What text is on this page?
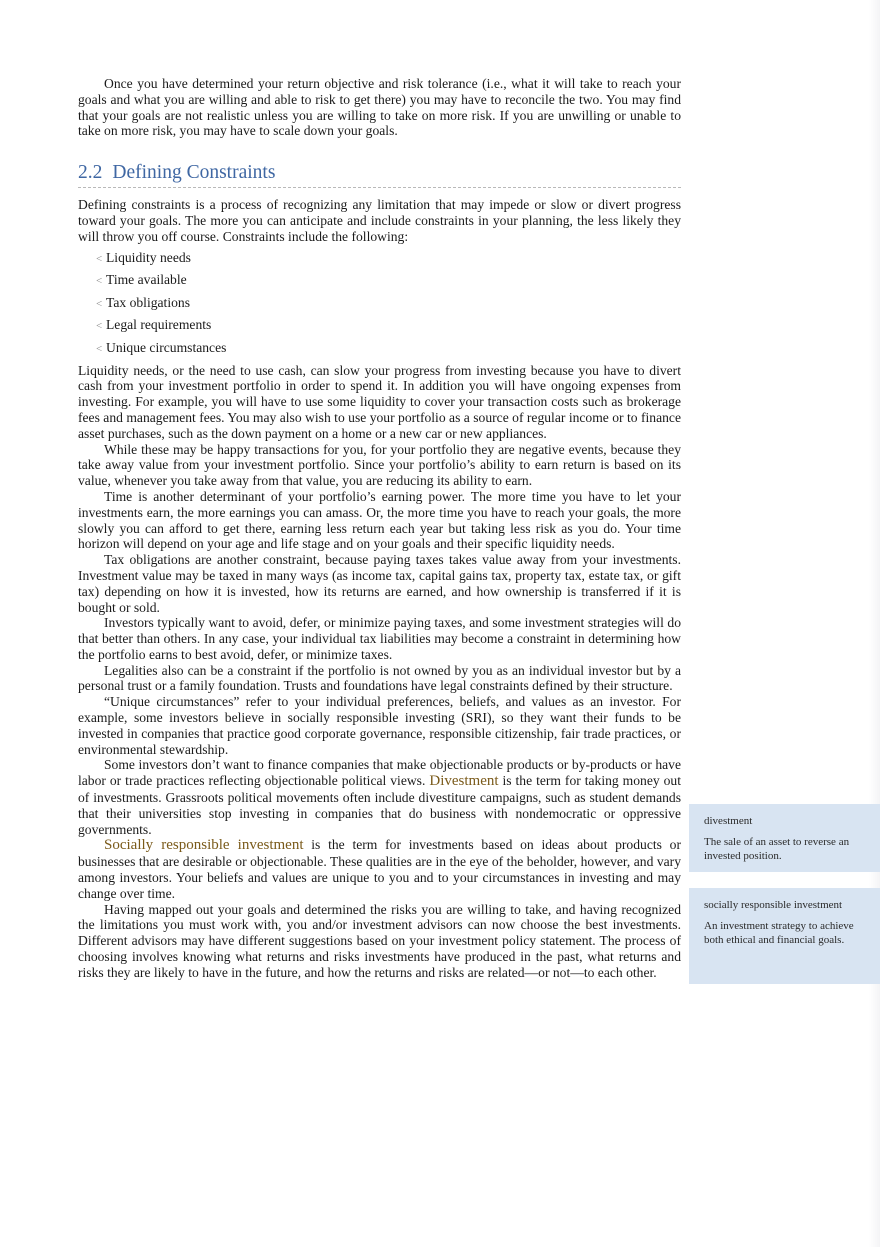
Once you have determined your return objective and risk tolerance (i.e., what it will take to reach your goals and what you are willing and able to risk to get there) you may have to reconcile the two. You may find that your goals are not realistic unless you are willing to take on more risk. If you are unwilling or unable to take on more risk, you may have to scale down your goals.

2.2 Defining Constraints

Defining constraints is a process of recognizing any limitation that may impede or slow or divert progress toward your goals. The more you can anticipate and include constraints in your planning, the less likely they will throw you off course. Constraints include the following:

< Liquidity needs
< Time available
< Tax obligations
< Legal requirements
< Unique circumstances

Liquidity needs, or the need to use cash, can slow your progress from investing because you have to divert cash from your investment portfolio in order to spend it. In addition you will have ongoing expenses from investing. For example, you will have to use some liquidity to cover your transaction costs such as brokerage fees and management fees. You may also wish to use your portfolio as a source of regular income or to finance asset purchases, such as the down payment on a home or a new car or new appliances.

While these may be happy transactions for you, for your portfolio they are negative events, because they take away value from your investment portfolio. Since your portfolio’s ability to earn return is based on its value, whenever you take away from that value, you are reducing its ability to earn.

Time is another determinant of your portfolio’s earning power. The more time you have to let your investments earn, the more earnings you can amass. Or, the more time you have to reach your goals, the more slowly you can afford to get there, earning less return each year but taking less risk as you do. Your time horizon will depend on your age and life stage and on your goals and their specific liquidity needs.

Tax obligations are another constraint, because paying taxes takes value away from your investments. Investment value may be taxed in many ways (as income tax, capital gains tax, property tax, estate tax, or gift tax) depending on how it is invested, how its returns are earned, and how ownership is transferred if it is bought or sold.

Investors typically want to avoid, defer, or minimize paying taxes, and some investment strategies will do that better than others. In any case, your individual tax liabilities may become a constraint in determining how the portfolio earns to best avoid, defer, or minimize taxes.

Legalities also can be a constraint if the portfolio is not owned by you as an individual investor but by a personal trust or a family foundation. Trusts and foundations have legal constraints defined by their structure.

“Unique circumstances” refer to your individual preferences, beliefs, and values as an investor. For example, some investors believe in socially responsible investing (SRI), so they want their funds to be invested in companies that practice good corporate governance, responsible citizenship, fair trade practices, or environmental stewardship.

Some investors don’t want to finance companies that make objectionable products or by-products or have labor or trade practices reflecting objectionable political views. Divestment is the term for taking money out of investments. Grassroots political movements often include divestiture campaigns, such as student demands that their universities stop investing in companies that do business with nondemocratic or oppressive governments.

Socially responsible investment is the term for investments based on ideas about products or businesses that are desirable or objectionable. These qualities are in the eye of the beholder, however, and vary among investors. Your beliefs and values are unique to you and to your circumstances in investing and may change over time.

Having mapped out your goals and determined the risks you are willing to take, and having recognized the limitations you must work with, you and/or investment advisors can now choose the best investments. Different advisors may have different suggestions based on your investment policy statement. The process of choosing involves knowing what returns and risks investments have produced in the past, what returns and risks they are likely to have in the future, and how the returns and risks are related—or not—to each other.

divestment
The sale of an asset to reverse an invested position.
socially responsible investment
An investment strategy to achieve both ethical and financial goals.
